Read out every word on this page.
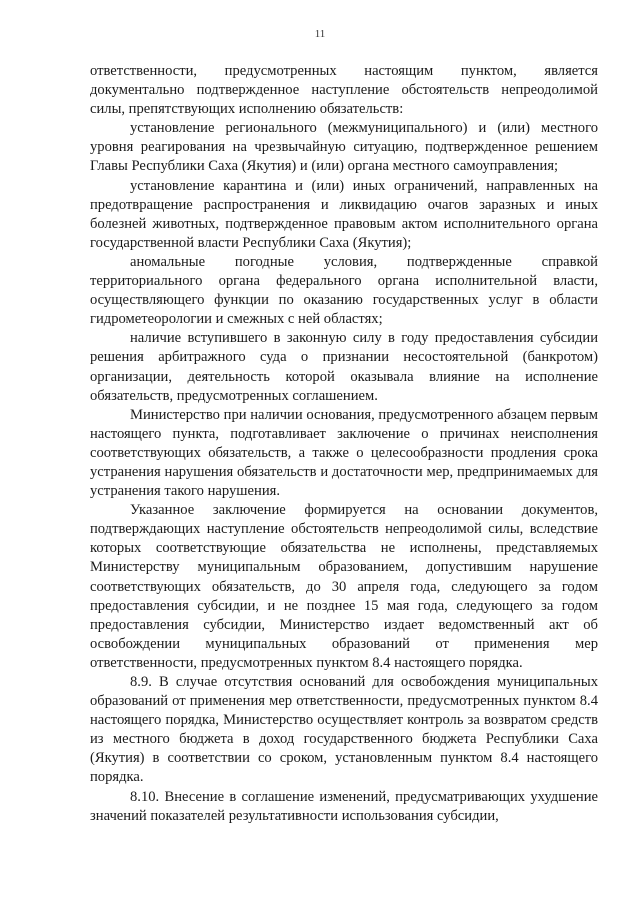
11

ответственности, предусмотренных настоящим пунктом, является документально подтвержденное наступление обстоятельств непреодолимой силы, препятствующих исполнению обязательств:

установление регионального (межмуниципального) и (или) местного уровня реагирования на чрезвычайную ситуацию, подтвержденное решением Главы Республики Саха (Якутия) и (или) органа местного самоуправления;

установление карантина и (или) иных ограничений, направленных на предотвращение распространения и ликвидацию очагов заразных и иных болезней животных, подтвержденное правовым актом исполнительного органа государственной власти Республики Саха (Якутия);

аномальные погодные условия, подтвержденные справкой территориального органа федерального органа исполнительной власти, осуществляющего функции по оказанию государственных услуг в области гидрометеорологии и смежных с ней областях;

наличие вступившего в законную силу в году предоставления субсидии решения арбитражного суда о признании несостоятельной (банкротом) организации, деятельность которой оказывала влияние на исполнение обязательств, предусмотренных соглашением.

Министерство при наличии основания, предусмотренного абзацем первым настоящего пункта, подготавливает заключение о причинах неисполнения соответствующих обязательств, а также о целесообразности продления срока устранения нарушения обязательств и достаточности мер, предпринимаемых для устранения такого нарушения.

Указанное заключение формируется на основании документов, подтверждающих наступление обстоятельств непреодолимой силы, вследствие которых соответствующие обязательства не исполнены, представляемых Министерству муниципальным образованием, допустившим нарушение соответствующих обязательств, до 30 апреля года, следующего за годом предоставления субсидии, и не позднее 15 мая года, следующего за годом предоставления субсидии, Министерство издает ведомственный акт об освобождении муниципальных образований от применения мер ответственности, предусмотренных пунктом 8.4 настоящего порядка.

8.9. В случае отсутствия оснований для освобождения муниципальных образований от применения мер ответственности, предусмотренных пунктом 8.4 настоящего порядка, Министерство осуществляет контроль за возвратом средств из местного бюджета в доход государственного бюджета Республики Саха (Якутия) в соответствии со сроком, установленным пунктом 8.4 настоящего порядка.

8.10. Внесение в соглашение изменений, предусматривающих ухудшение значений показателей результативности использования субсидии,
